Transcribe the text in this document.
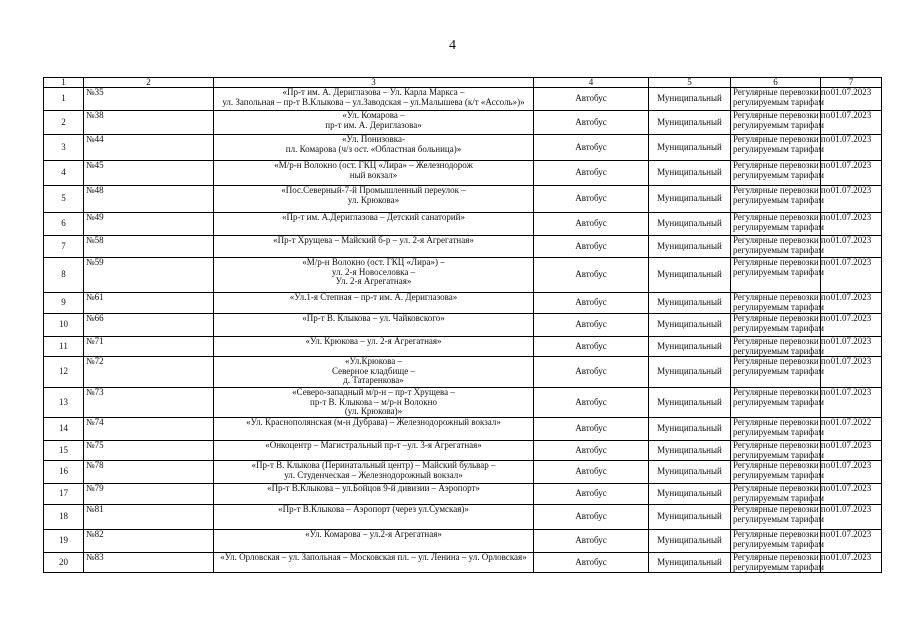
4
1	2	3	4	5	6	7
1	№35	«Пр-т им. А. Дериглазова – Ул. Карла Маркса –
ул. Запольная – пр-т В.Клыкова – ул.Заводская – ул.Малышева (к/т «Ассоль»)»	Автобус	Муниципальный	Регулярные перевозки по
регулируемым тарифам	01.07.2023
2	№38	«Ул. Комарова –
пр-т им. А. Дериглазова»	Автобус	Муниципальный	Регулярные перевозки по
регулируемым тарифам	01.07.2023
3	№44	«Ул. Понизовка-
пл. Комарова (ч/з ост. «Областная больница)»	Автобус	Муниципальный	Регулярные перевозки по
регулируемым тарифам	01.07.2023
4	№45	«М/р-н Волокно (ост. ГКЦ «Лира» – Железнодорож
ный вокзал»	Автобус	Муниципальный	Регулярные перевозки по
регулируемым тарифам	01.07.2023
5	№48	«Пос.Северный-7-й Промышленный переулок –
ул. Крюкова»	Автобус	Муниципальный	Регулярные перевозки по
регулируемым тарифам	01.07.2023
6	№49	«Пр-т им. А.Дериглазова – Детский санаторий»	Автобус	Муниципальный	Регулярные перевозки по
регулируемым тарифам	01.07.2023
7	№58	«Пр-т Хрущева – Майский б-р – ул. 2-я Агрегатная»	Автобус	Муниципальный	Регулярные перевозки по
регулируемым тарифам	01.07.2023
8	№59	«М/р-н Волокно (ост. ГКЦ «Лира») –
ул. 2-я Новоселовка –
Ул. 2-я Агрегатная»	Автобус	Муниципальный	Регулярные перевозки по
регулируемым тарифам	01.07.2023
9	№61	«Ул.1-я Степная – пр-т им. А. Дериглазова»	Автобус	Муниципальный	Регулярные перевозки по
регулируемым тарифам	01.07.2023
10	№66	«Пр-т В. Клыкова – ул. Чайковского»	Автобус	Муниципальный	Регулярные перевозки по
регулируемым тарифам	01.07.2023
11	№71	«Ул. Крюкова – ул. 2-я Агрегатная»	Автобус	Муниципальный	Регулярные перевозки по
регулируемым тарифам	01.07.2023
12	№72	«Ул.Крюкова –
Северное кладбище –
д. Татаренкова»	Автобус	Муниципальный	Регулярные перевозки по
регулируемым тарифам	01.07.2023
13	№73	«Северо-западный м/р-н – пр-т Хрущева –
пр-т В. Клыкова – м/р-н Волокно
(ул. Крюкова)»	Автобус	Муниципальный	Регулярные перевозки по
регулируемым тарифам	01.07.2023
14	№74	«Ул. Краснополянская (м-н Дубрава) – Железнодорожный вокзал»	Автобус	Муниципальный	Регулярные перевозки по
регулируемым тарифам	01.07.2022
15	№75	«Онкоцентр – Магистральный пр-т –ул. 3-я Агрегатная»	Автобус	Муниципальный	Регулярные перевозки по
регулируемым тарифам	01.07.2023
16	№78	«Пр-т В. Клыкова (Перинатальный центр) – Майский бульвар –
ул. Студенческая – Железнодорожный вокзал»	Автобус	Муниципальный	Регулярные перевозки по
регулируемым тарифам	01.07.2023
17	№79	«Пр-т В.Клыкова – ул.Бойцов 9-й дивизии – Аэропорт»	Автобус	Муниципальный	Регулярные перевозки по
регулируемым тарифам	01.07.2023
18	№81	«Пр-т В.Клыкова – Аэропорт (через ул.Сумская)»	Автобус	Муниципальный	Регулярные перевозки по
регулируемым тарифам	01.07.2023
19	№82	«Ул. Комарова – ул.2-я Агрегатная»	Автобус	Муниципальный	Регулярные перевозки по
регулируемым тарифам	01.07.2023
20	№83	«Ул. Орловская – ул. Запольная – Московская пл. – ул. Ленина – ул. Орловская»	Автобус	Муниципальный	Регулярные перевозки по
регулируемым тарифам	01.07.2023
